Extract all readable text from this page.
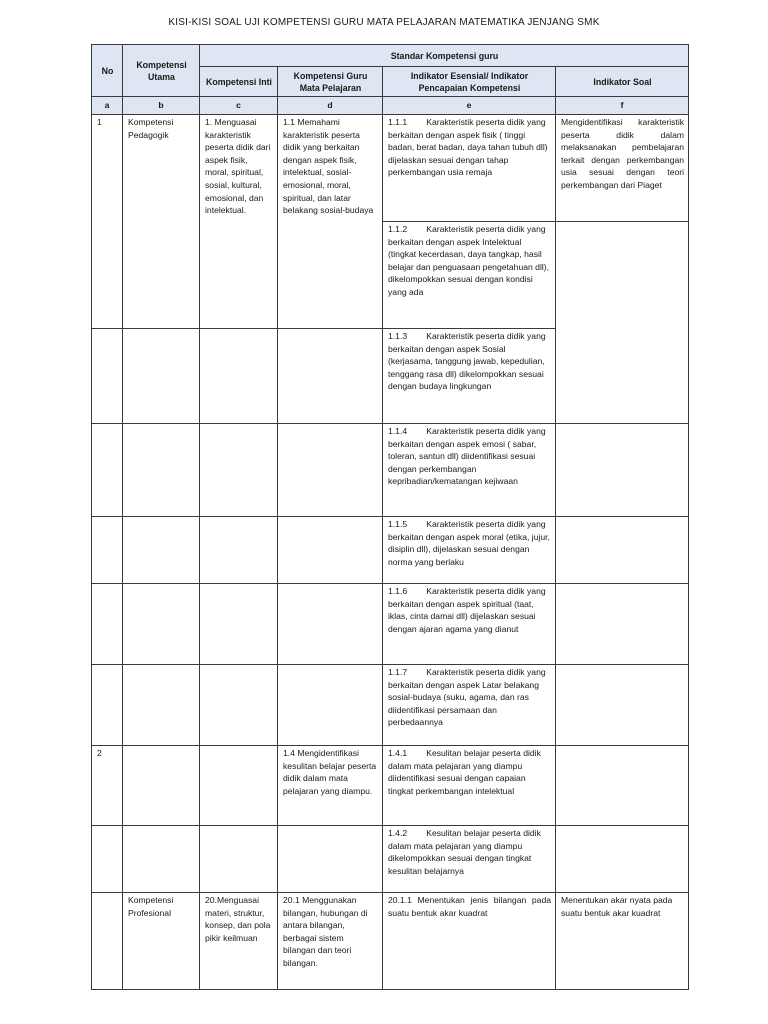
KISI-KISI SOAL UJI KOMPETENSI GURU MATA PELAJARAN MATEMATIKA JENJANG SMK
No	Kompetensi Utama	Standar Kompetensi guru			
		Kompetensi Inti	Kompetensi Guru Mata Pelajaran	Indikator Esensial/ Indikator Pencapaian Kompetensi	Indikator Soal
a	b	c	d	e	f
1	Kompetensi Pedagogik	1. Menguasai karakteristik peserta didik dari aspek fisik, moral, spiritual, sosial, kultural, emosional, dan intelektual.	1.1 Memahami karakteristik peserta didik yang berkaitan dengan aspek fisik, intelektual, sosial-emosional, moral, spiritual, dan latar belakang sosial-budaya	1.1.1        Karakteristik peserta didik yang berkaitan dengan aspek fisik ( tinggi badan, berat badan, daya tahan tubuh dll) dijelaskan sesuai dengan tahap perkembangan usia remaja	Mengidentifikasi karakteristik peserta didik dalam melaksanakan pembelajaran terkait dengan perkembangan usia sesuai dengan teori perkembangan dari Piaget
				1.1.2        Karakteristik peserta didik yang berkaitan dengan aspek Intelektual (tingkat kecerdasan, daya tangkap, hasil belajar dan penguasaan pengetahuan dll), dikelompokkan sesuai dengan kondisi yang ada	
				1.1.3        Karakteristik peserta didik yang berkaitan dengan aspek Sosial (kerjasama, tanggung jawab, kepedulian, tenggang rasa dll) dikelompokkan sesuai dengan budaya lingkungan	
				1.1.4        Karakteristik peserta didik yang berkaitan dengan aspek emosi ( sabar, toleran, santun dll) diidentifikasi sesuai dengan perkembangan kepribadian/kematangan kejiwaan	
				1.1.5        Karakteristik peserta didik yang berkaitan dengan aspek moral (etika, jujur, disiplin dll), dijelaskan sesuai dengan norma yang berlaku	
				1.1.6        Karakteristik peserta didik yang berkaitan dengan aspek spiritual (taat, iklas, cinta damai dll) dijelaskan sesuai dengan ajaran agama yang dianut	
				1.1.7        Karakteristik peserta didik yang berkaitan dengan aspek Latar belakang sosial-budaya (suku, agama, dan ras diidentifikasi persamaan dan perbedaannya	
2			1.4 Mengidentifikasi kesulitan belajar peserta didik dalam mata pelajaran yang diampu.	1.4.1        Kesulitan belajar peserta didik dalam mata pelajaran yang diampu diidentifikasi sesuai dengan capaian tingkat perkembangan intelektual	
				1.4.2        Kesulitan belajar peserta didik dalam mata pelajaran yang diampu dikelompokkan sesuai dengan tingkat kesulitan belajarnya	
	Kompetensi Profesional	20.Menguasai materi, struktur, konsep, dan pola pikir keilmuan	20.1 Menggunakan bilangan, hubungan di antara bilangan, berbagai sistem bilangan dan teori bilangan.	20.1.1 Menentukan jenis bilangan pada suatu bentuk akar kuadrat	Menentukan akar nyata pada suatu bentuk akar kuadrat
